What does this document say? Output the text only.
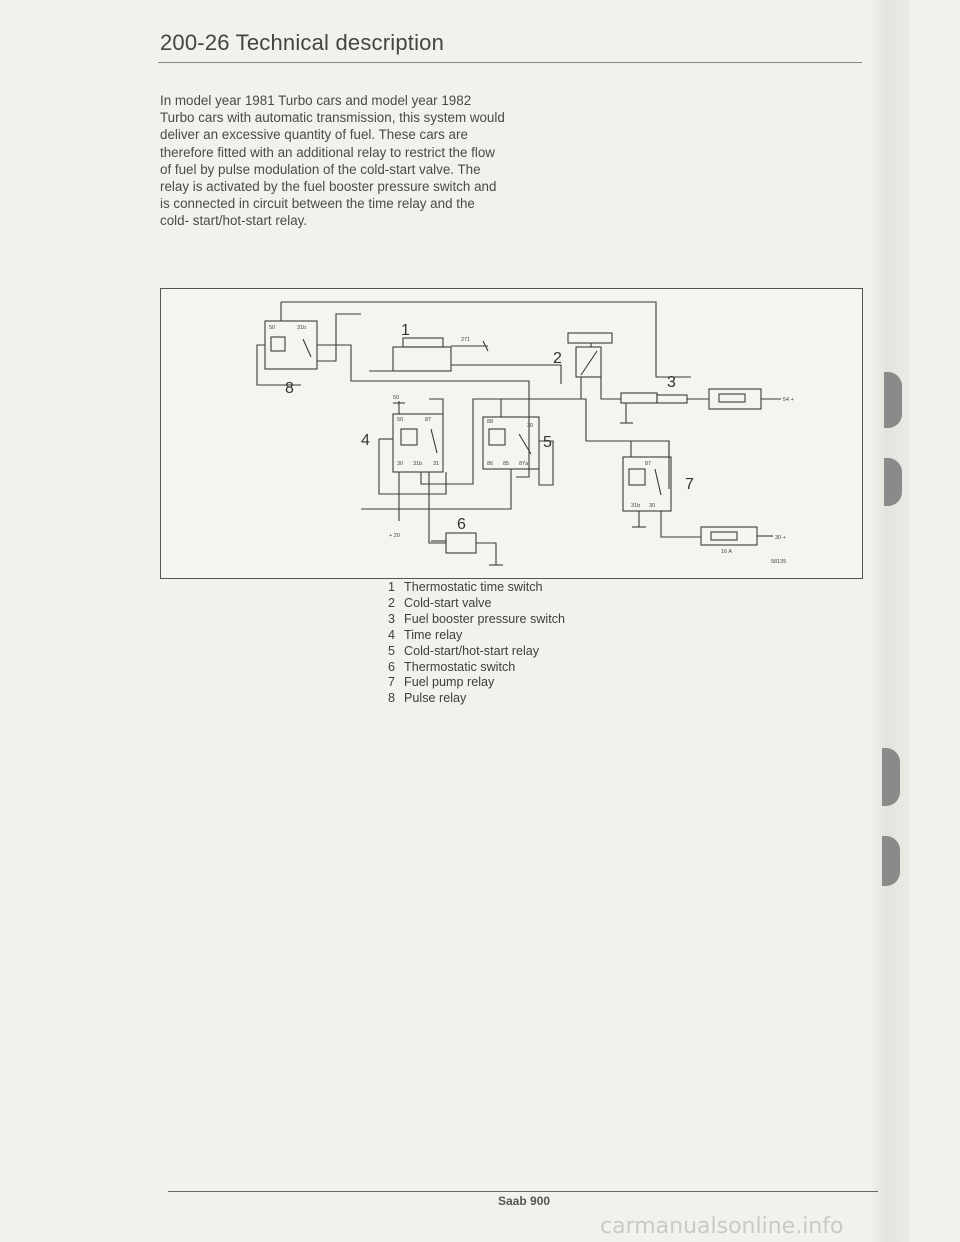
200-26 Technical description

In model year 1981 Turbo cars and model year 1982 Turbo cars with automatic transmission, this system would deliver an excessive quantity of fuel. These cars are therefore fitted with an additional relay to restrict the flow of fuel by pulse modulation of the cold-start valve. The relay is activated by the fuel booster pressure switch and is connected in circuit between the time relay and the cold- start/hot-start relay.

1
2
3
4	5
6
7
8
50	31b
271
50
50	87	88
30
30 31b 31	86 85 87a	87
31b 30
54 +
30 +
+ 20
16 A
58135
1 Thermostatic time switch
2 Cold-start valve
3 Fuel booster pressure switch
4 Time relay
5 Cold-start/hot-start relay
6 Thermostatic switch
7 Fuel pump relay
8 Pulse relay
Saab 900
carmanualsonline.info
